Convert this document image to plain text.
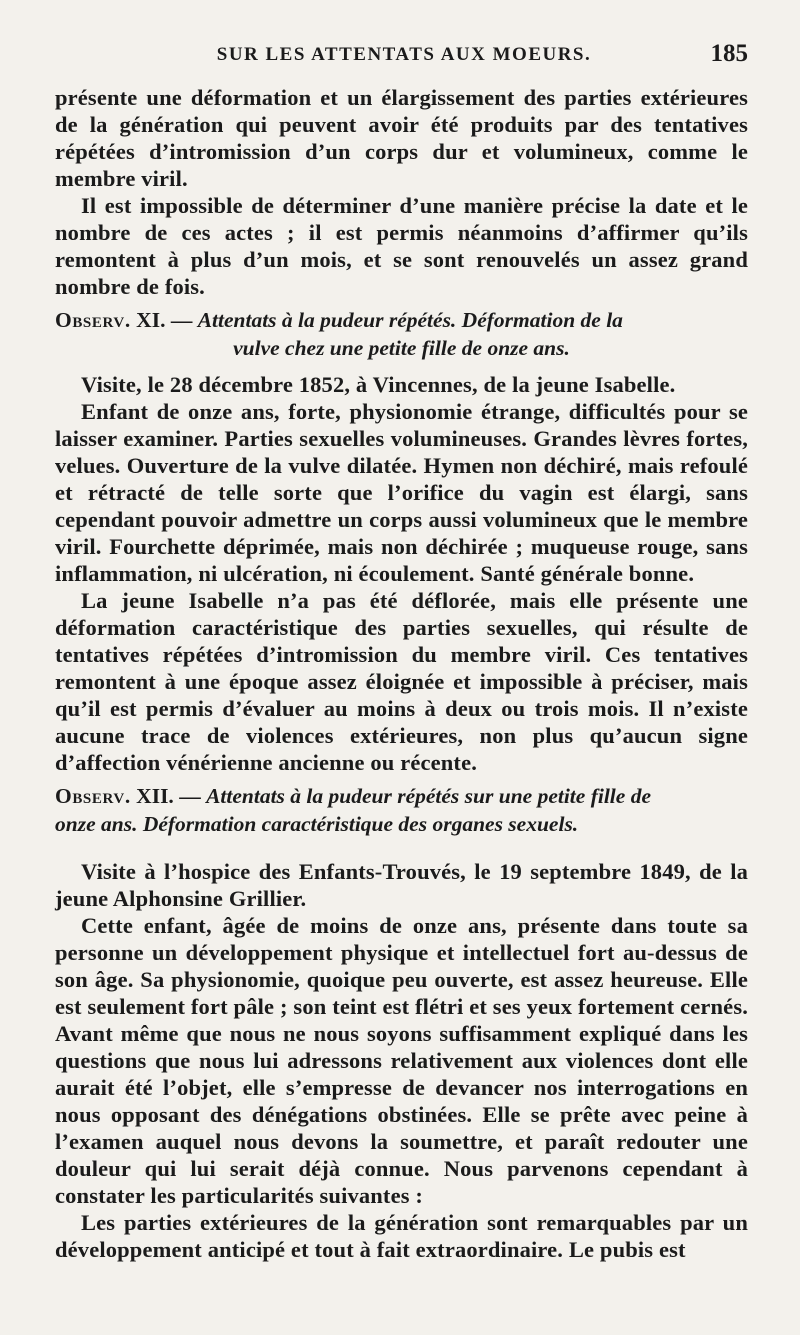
SUR LES ATTENTATS AUX MOEURS.	185

présente une déformation et un élargissement des parties extérieures de la génération qui peuvent avoir été produits par des tentatives répétées d’intromission d’un corps dur et volumineux, comme le membre viril.

Il est impossible de déterminer d’une manière précise la date et le nombre de ces actes ; il est permis néanmoins d’affirmer qu’ils remontent à plus d’un mois, et se sont renouvelés un assez grand nombre de fois.

Observ. XI. — Attentats à la pudeur répétés. Déformation de la
vulve chez une petite fille de onze ans.

Visite, le 28 décembre 1852, à Vincennes, de la jeune Isabelle.

Enfant de onze ans, forte, physionomie étrange, difficultés pour se laisser examiner. Parties sexuelles volumineuses. Grandes lèvres fortes, velues. Ouverture de la vulve dilatée. Hymen non déchiré, mais refoulé et rétracté de telle sorte que l’orifice du vagin est élargi, sans cependant pouvoir admettre un corps aussi volumineux que le membre viril. Fourchette déprimée, mais non déchirée ; muqueuse rouge, sans inflammation, ni ulcération, ni écoulement. Santé générale bonne.

La jeune Isabelle n’a pas été déflorée, mais elle présente une déformation caractéristique des parties sexuelles, qui résulte de tentatives répétées d’intromission du membre viril. Ces tentatives remontent à une époque assez éloignée et impossible à préciser, mais qu’il est permis d’évaluer au moins à deux ou trois mois. Il n’existe aucune trace de violences extérieures, non plus qu’aucun signe d’affection vénérienne ancienne ou récente.

Observ. XII. — Attentats à la pudeur répétés sur une petite fille de
onze ans. Déformation caractéristique des organes sexuels.

Visite à l’hospice des Enfants-Trouvés, le 19 septembre 1849, de la jeune Alphonsine Grillier.

Cette enfant, âgée de moins de onze ans, présente dans toute sa personne un développement physique et intellectuel fort au-dessus de son âge. Sa physionomie, quoique peu ouverte, est assez heureuse. Elle est seulement fort pâle ; son teint est flétri et ses yeux fortement cernés. Avant même que nous ne nous soyons suffisamment expliqué dans les questions que nous lui adressons relativement aux violences dont elle aurait été l’objet, elle s’empresse de devancer nos interrogations en nous opposant des dénégations obstinées. Elle se prête avec peine à l’examen auquel nous devons la soumettre, et paraît redouter une douleur qui lui serait déjà connue. Nous parvenons cependant à constater les particularités suivantes :

Les parties extérieures de la génération sont remarquables par un développement anticipé et tout à fait extraordinaire. Le pubis est
